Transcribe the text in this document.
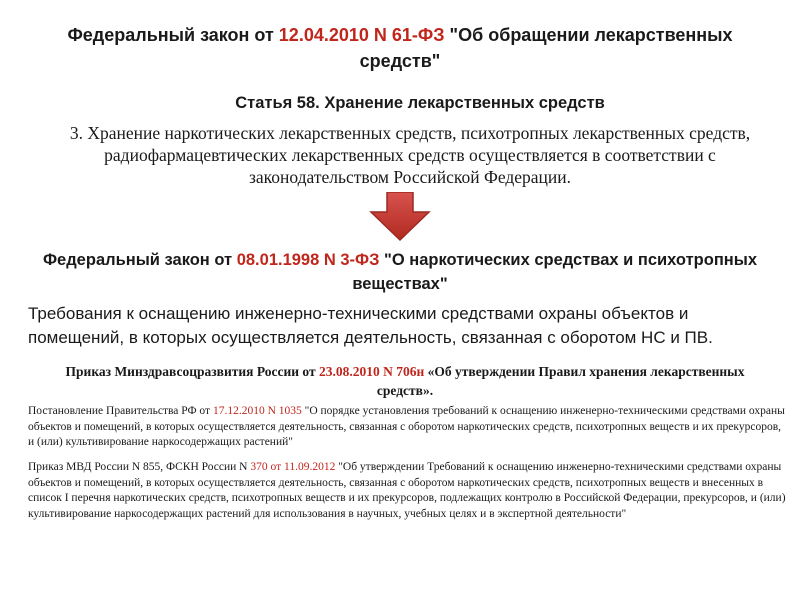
Федеральный закон от 12.04.2010 N 61-ФЗ "Об обращении лекарственных средств"
Статья 58. Хранение лекарственных средств
3. Хранение наркотических лекарственных средств, психотропных лекарственных средств, радиофармацевтических лекарственных средств осуществляется в соответствии с законодательством Российской Федерации.
Федеральный закон от 08.01.1998 N 3-ФЗ "О наркотических средствах и психотропных веществах"
Требования к оснащению инженерно-техническими средствами охраны объектов и помещений, в которых осуществляется деятельность, связанная с оборотом НС и ПВ.
Приказ Минздравсоцразвития России от 23.08.2010 N 706н «Об утверждении Правил хранения лекарственных средств».
Постановление Правительства РФ от 17.12.2010 N 1035 "О порядке установления требований к оснащению инженерно-техническими средствами охраны объектов и помещений, в которых осуществляется деятельность, связанная с оборотом наркотических средств, психотропных веществ и их прекурсоров, и (или) культивирование наркосодержащих растений"
Приказ МВД России N 855, ФСКН России N 370 от 11.09.2012 "Об утверждении Требований к оснащению инженерно-техническими средствами охраны объектов и помещений, в которых осуществляется деятельность, связанная с оборотом наркотических средств, психотропных веществ и внесенных в список I перечня наркотических средств, психотропных веществ и их прекурсоров, подлежащих контролю в Российской Федерации, прекурсоров, и (или) культивирование наркосодержащих растений для использования в научных, учебных целях и в экспертной деятельности"
